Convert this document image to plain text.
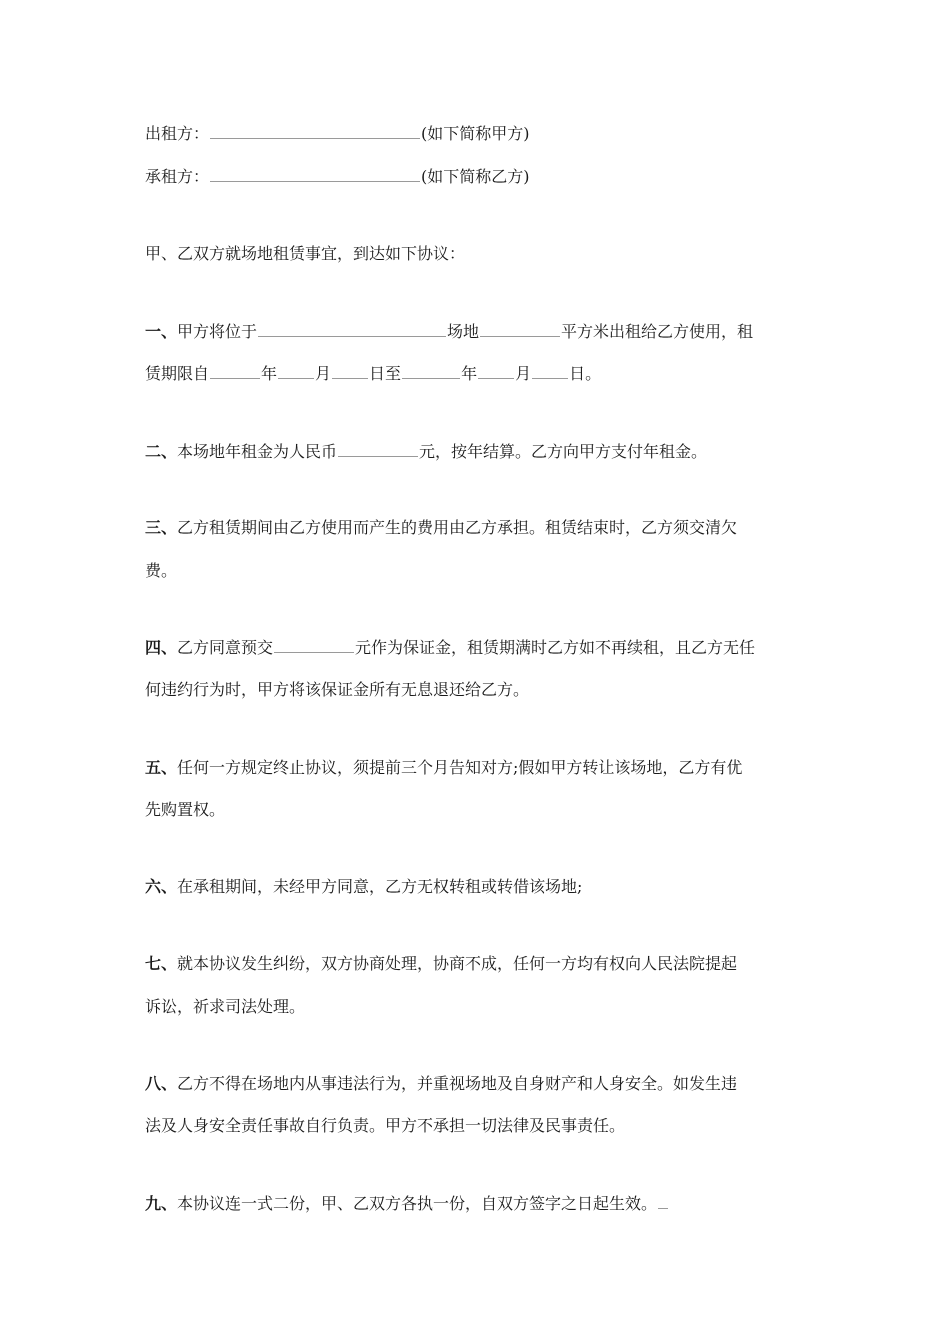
出租方：	(如下简称甲方)
承租方：	(如下简称乙方)
甲、乙双方就场地租赁事宜，到达如下协议：
一、甲方将位于	场地	平方米出租给乙方使用，租
赁期限自	年 月 日至	年 月 日。
二、本场地年租金为人民币	元，按年结算。乙方向甲方支付年租金。
三、乙方租赁期间由乙方使用而产生的费用由乙方承担。租赁结束时，乙方须交清欠
费。
四、乙方同意预交	元作为保证金，租赁期满时乙方如不再续租，且乙方无任
何违约行为时，甲方将该保证金所有无息退还给乙方。
五、任何一方规定终止协议，须提前三个月告知对方;假如甲方转让该场地，乙方有优
先购置权。
六、在承租期间，未经甲方同意，乙方无权转租或转借该场地;
七、就本协议发生纠纷，双方协商处理，协商不成，任何一方均有权向人民法院提起
诉讼，祈求司法处理。
八、乙方不得在场地内从事违法行为，并重视场地及自身财产和人身安全。如发生违
法及人身安全责任事故自行负责。甲方不承担一切法律及民事责任。
九、本协议连一式二份，甲、乙双方各执一份，自双方签字之日起生效。
